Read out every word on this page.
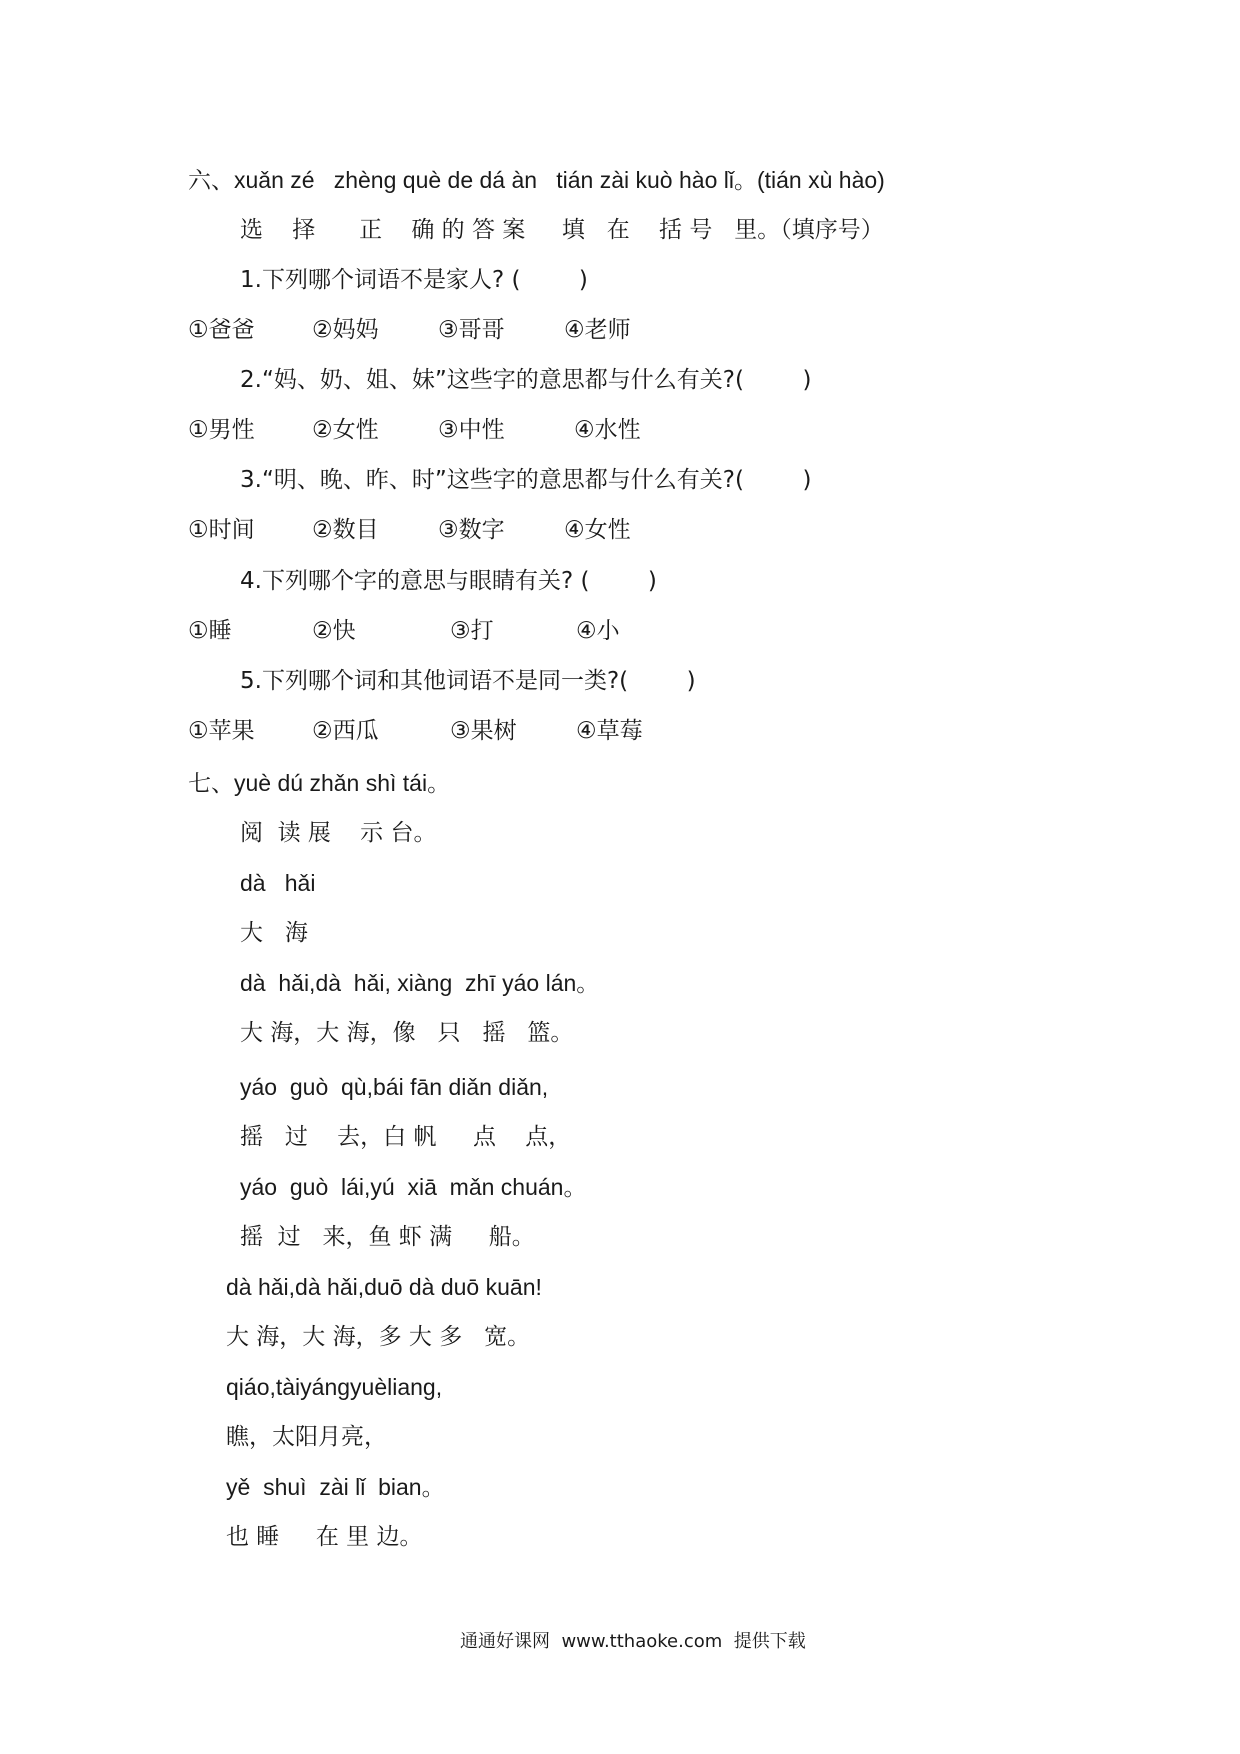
六、xuǎn zé   zhèng què de dá àn   tián zài kuò hào lǐ。(tián xù hào)
选    择      正    确 的 答 案     填   在    括 号   里。（填序号）
1.下列哪个词语不是家人? (        )
①爸爸 ②妈妈	③哥哥	④老师
2.“妈、奶、姐、妹”这些字的意思都与什么有关?(        )
①男性 ②女性	③中性	④水性
3.“明、晚、昨、时”这些字的意思都与什么有关?(        )
①时间 ②数目	③数字	④女性
4.下列哪个字的意思与眼睛有关? (        )
①睡	②快	③打	④小
5.下列哪个词和其他词语不是同一类?(        )
①苹果 ②西瓜	③果树	④草莓
七、yuè dú zhǎn shì tái。
阅  读 展    示 台。
dà   hǎi
大   海
dà  hǎi,dà  hǎi, xiàng  zhī yáo lán。
大 海，大 海，像   只   摇   篮。
yáo  guò  qù,bái fān diǎn diǎn,
摇   过    去，白 帆     点    点，
yáo  guò  lái,yú  xiā  mǎn chuán。
摇  过   来，鱼 虾 满     船。
dà hǎi,dà hǎi,duō dà duō kuān!
大 海，大 海，多 大 多   宽。
qiáo,tàiyángyuèliang,
瞧，太阳月亮，
yě  shuì  zài lǐ  bian。
也 睡     在 里 边。
通通好课网  www.tthaoke.com  提供下载
